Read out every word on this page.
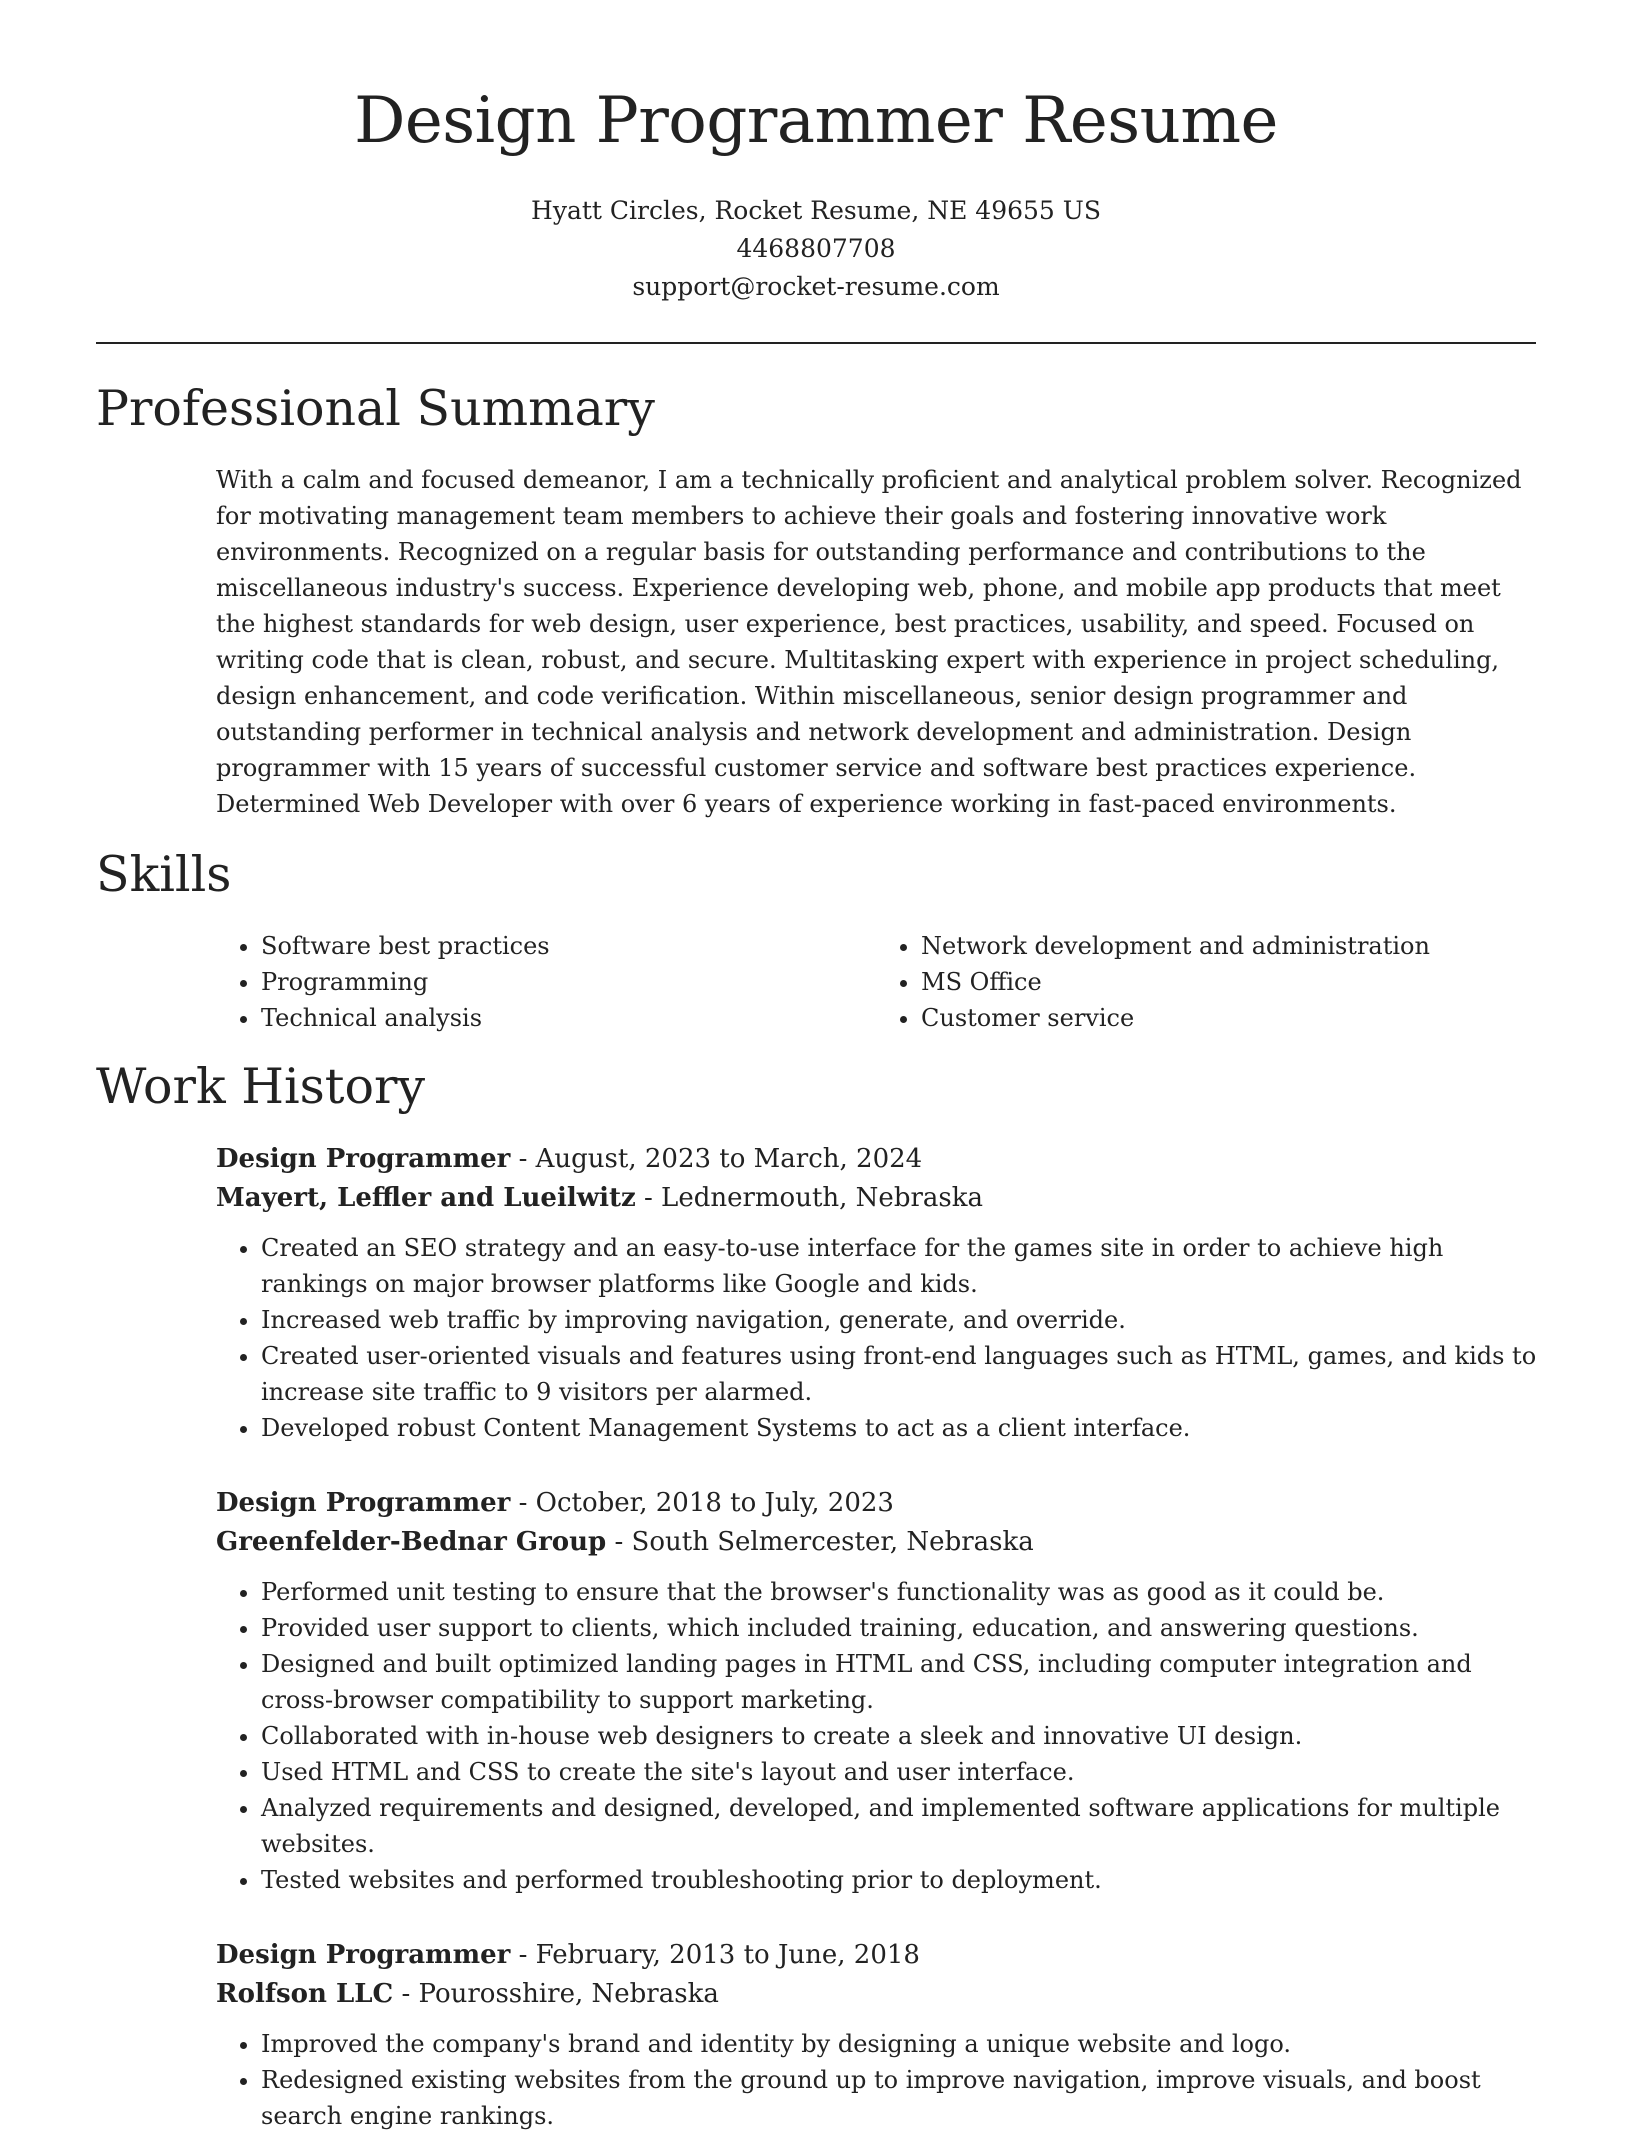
Design Programmer Resume
Hyatt Circles, Rocket Resume, NE 49655 US
4468807708
support@rocket-resume.com
Professional Summary

With a calm and focused demeanor, I am a technically proficient and analytical problem solver. Recognized for motivating management team members to achieve their goals and fostering innovative work environments. Recognized on a regular basis for outstanding performance and contributions to the miscellaneous industry's success. Experience developing web, phone, and mobile app products that meet the highest standards for web design, user experience, best practices, usability, and speed. Focused on writing code that is clean, robust, and secure. Multitasking expert with experience in project scheduling, design enhancement, and code verification. Within miscellaneous, senior design programmer and outstanding performer in technical analysis and network development and administration. Design programmer with 15 years of successful customer service and software best practices experience. Determined Web Developer with over 6 years of experience working in fast-paced environments.

Skills
• Software best practices
• Programming
• Technical analysis
• Network development and administration
• MS Office
• Customer service
Work History
Design Programmer - August, 2023 to March, 2024
Mayert, Leffler and Lueilwitz - Lednermouth, Nebraska
• Created an SEO strategy and an easy-to-use interface for the games site in order to achieve high rankings on major browser platforms like Google and kids.
• Increased web traffic by improving navigation, generate, and override.
• Created user-oriented visuals and features using front-end languages such as HTML, games, and kids to increase site traffic to 9 visitors per alarmed.
• Developed robust Content Management Systems to act as a client interface.
Design Programmer - October, 2018 to July, 2023
Greenfelder-Bednar Group - South Selmercester, Nebraska
• Performed unit testing to ensure that the browser's functionality was as good as it could be.
• Provided user support to clients, which included training, education, and answering questions.
• Designed and built optimized landing pages in HTML and CSS, including computer integration and cross-browser compatibility to support marketing.
• Collaborated with in-house web designers to create a sleek and innovative UI design.
• Used HTML and CSS to create the site's layout and user interface.
• Analyzed requirements and designed, developed, and implemented software applications for multiple websites.
• Tested websites and performed troubleshooting prior to deployment.
Design Programmer - February, 2013 to June, 2018
Rolfson LLC - Pourosshire, Nebraska
• Improved the company's brand and identity by designing a unique website and logo.
• Redesigned existing websites from the ground up to improve navigation, improve visuals, and boost search engine rankings.
